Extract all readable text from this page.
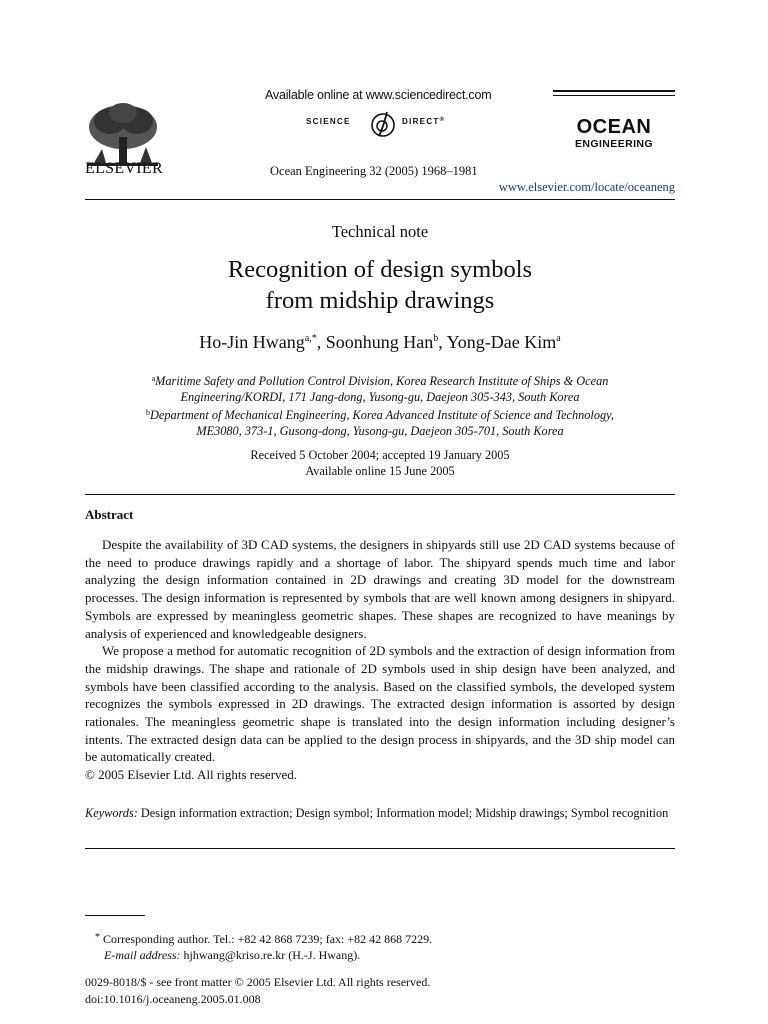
ELSEVIER
Available online at www.sciencedirect.com
SCIENCE	DIRECT®
Ocean Engineering 32 (2005) 1968–1981
OCEAN
ENGINEERING
www.elsevier.com/locate/oceaneng
Technical note
Recognition of design symbols
from midship drawings
Ho-Jin Hwang$^{a,*}$, Soonhung Han$^b$, Yong-Dae Kim$^a$
$^a$Maritime Safety and Pollution Control Division, Korea Research Institute of Ships & Ocean
Engineering/KORDI, 171 Jang-dong, Yusong-gu, Daejeon 305-343, South Korea
$^b$Department of Mechanical Engineering, Korea Advanced Institute of Science and Technology,
ME3080, 373-1, Gusong-dong, Yusong-gu, Daejeon 305-701, South Korea
Received 5 October 2004; accepted 19 January 2005
Available online 15 June 2005
Abstract

Despite the availability of 3D CAD systems, the designers in shipyards still use 2D CAD systems because of the need to produce drawings rapidly and a shortage of labor. The shipyard spends much time and labor analyzing the design information contained in 2D drawings and creating 3D model for the downstream processes. The design information is represented by symbols that are well known among designers in shipyard. Symbols are expressed by meaningless geometric shapes. These shapes are recognized to have meanings by analysis of experienced and knowledgeable designers.

We propose a method for automatic recognition of 2D symbols and the extraction of design information from the midship drawings. The shape and rationale of 2D symbols used in ship design have been analyzed, and symbols have been classified according to the analysis. Based on the classified symbols, the developed system recognizes the symbols expressed in 2D drawings. The extracted design information is assorted by design rationales. The meaningless geometric shape is translated into the design information including designer’s intents. The extracted design data can be applied to the design process in shipyards, and the 3D ship model can be automatically created.

© 2005 Elsevier Ltd. All rights reserved.

Keywords: Design information extraction; Design symbol; Information model; Midship drawings; Symbol recognition
* Corresponding author. Tel.: +82 42 868 7239; fax: +82 42 868 7229.
E-mail address: hjhwang@kriso.re.kr (H.-J. Hwang).
0029-8018/$ - see front matter © 2005 Elsevier Ltd. All rights reserved.
doi:10.1016/j.oceaneng.2005.01.008
